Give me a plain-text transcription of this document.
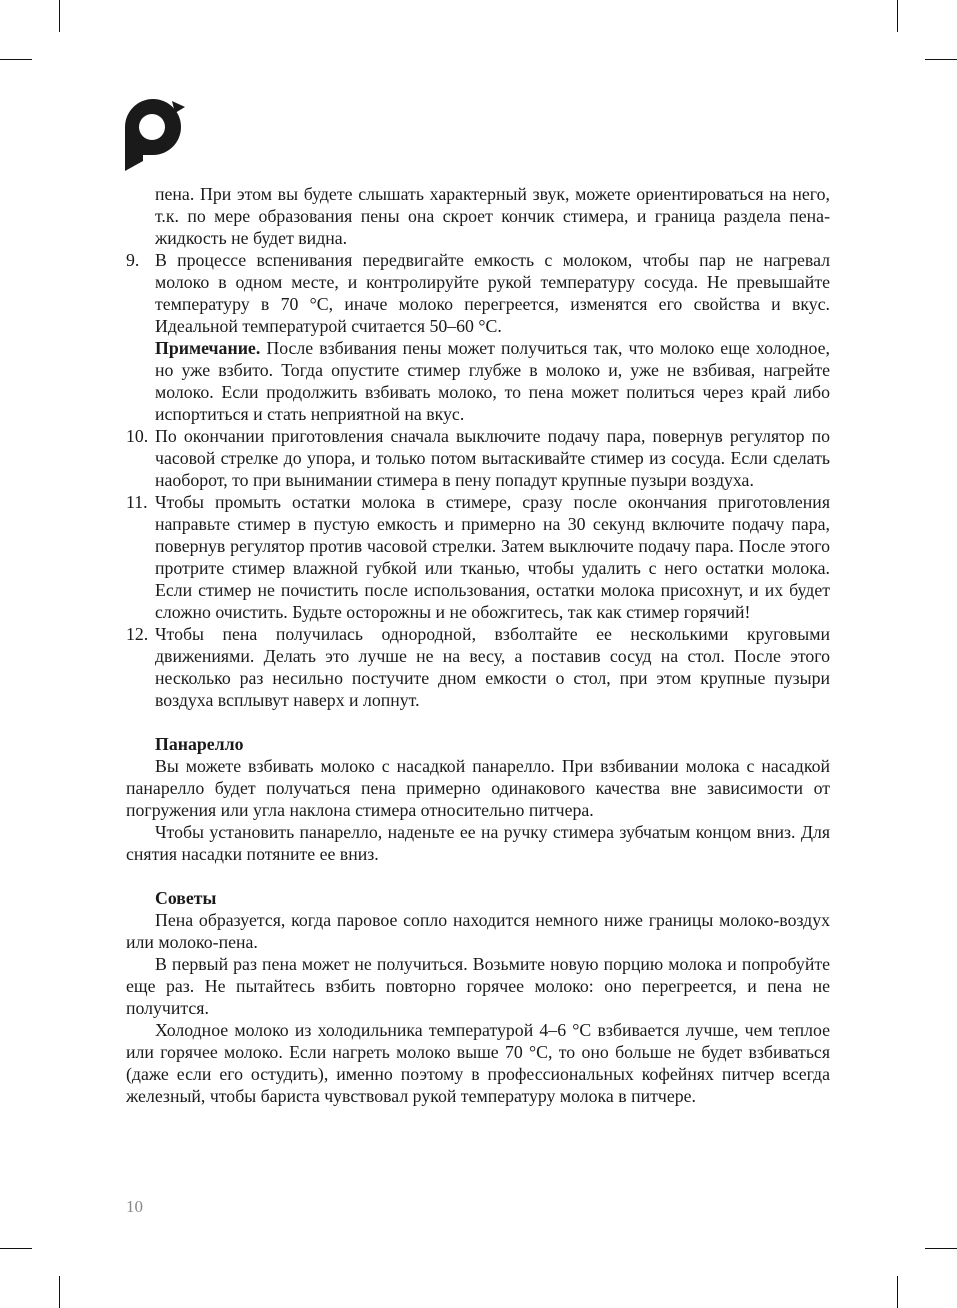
пена. При этом вы будете слышать характерный звук, можете ориентироваться на него, т.к. по мере образования пены она скроет кончик стимера, и граница раздела пена-жидкость не будет видна.

9. В процессе вспенивания передвигайте емкость с молоком, чтобы пар не нагревал молоко в одном месте, и контролируйте рукой температуру сосуда. Не превышайте температуру в 70 °С, иначе молоко перегреется, изменятся его свойства и вкус. Идеальной температурой считается 50–60 °С.

Примечание. После взбивания пены может получиться так, что молоко еще холодное, но уже взбито. Тогда опустите стимер глубже в молоко и, уже не взбивая, нагрейте молоко. Если продолжить взбивать молоко, то пена может политься через край либо испортиться и стать неприятной на вкус.

10. По окончании приготовления сначала выключите подачу пара, повернув регулятор по часовой стрелке до упора, и только потом вытаскивайте стимер из сосуда. Если сделать наоборот, то при вынимании стимера в пену попадут крупные пузыри воздуха.

11. Чтобы промыть остатки молока в стимере, сразу после окончания приготовления направьте стимер в пустую емкость и примерно на 30 секунд включите подачу пара, повернув регулятор против часовой стрелки. Затем выключите подачу пара. После этого протрите стимер влажной губкой или тканью, чтобы удалить с него остатки молока. Если стимер не почистить после использования, остатки молока присохнут, и их будет сложно очистить. Будьте осторожны и не обожгитесь, так как стимер горячий!

12. Чтобы пена получилась однородной, взболтайте ее несколькими круговыми движениями. Делать это лучше не на весу, а поставив сосуд на стол. После этого несколько раз несильно постучите дном емкости о стол, при этом крупные пузыри воздуха всплывут наверх и лопнут.

Панарелло

Вы можете взбивать молоко с насадкой панарелло. При взбивании молока с насадкой панарелло будет получаться пена примерно одинакового качества вне зависимости от погружения или угла наклона стимера относительно питчера.

Чтобы установить панарелло, наденьте ее на ручку стимера зубчатым концом вниз. Для снятия насадки потяните ее вниз.

Советы

Пена образуется, когда паровое сопло находится немного ниже границы молоко-воздух или молоко-пена.

В первый раз пена может не получиться. Возьмите новую порцию молока и попробуйте еще раз. Не пытайтесь взбить повторно горячее молоко: оно перегреется, и пена не получится.

Холодное молоко из холодильника температурой 4–6 °С взбивается лучше, чем теплое или горячее молоко. Если нагреть молоко выше 70 °С, то оно больше не будет взбиваться (даже если его остудить), именно поэтому в профессиональных кофейнях питчер всегда железный, чтобы бариста чувствовал рукой температуру молока в питчере.

10
